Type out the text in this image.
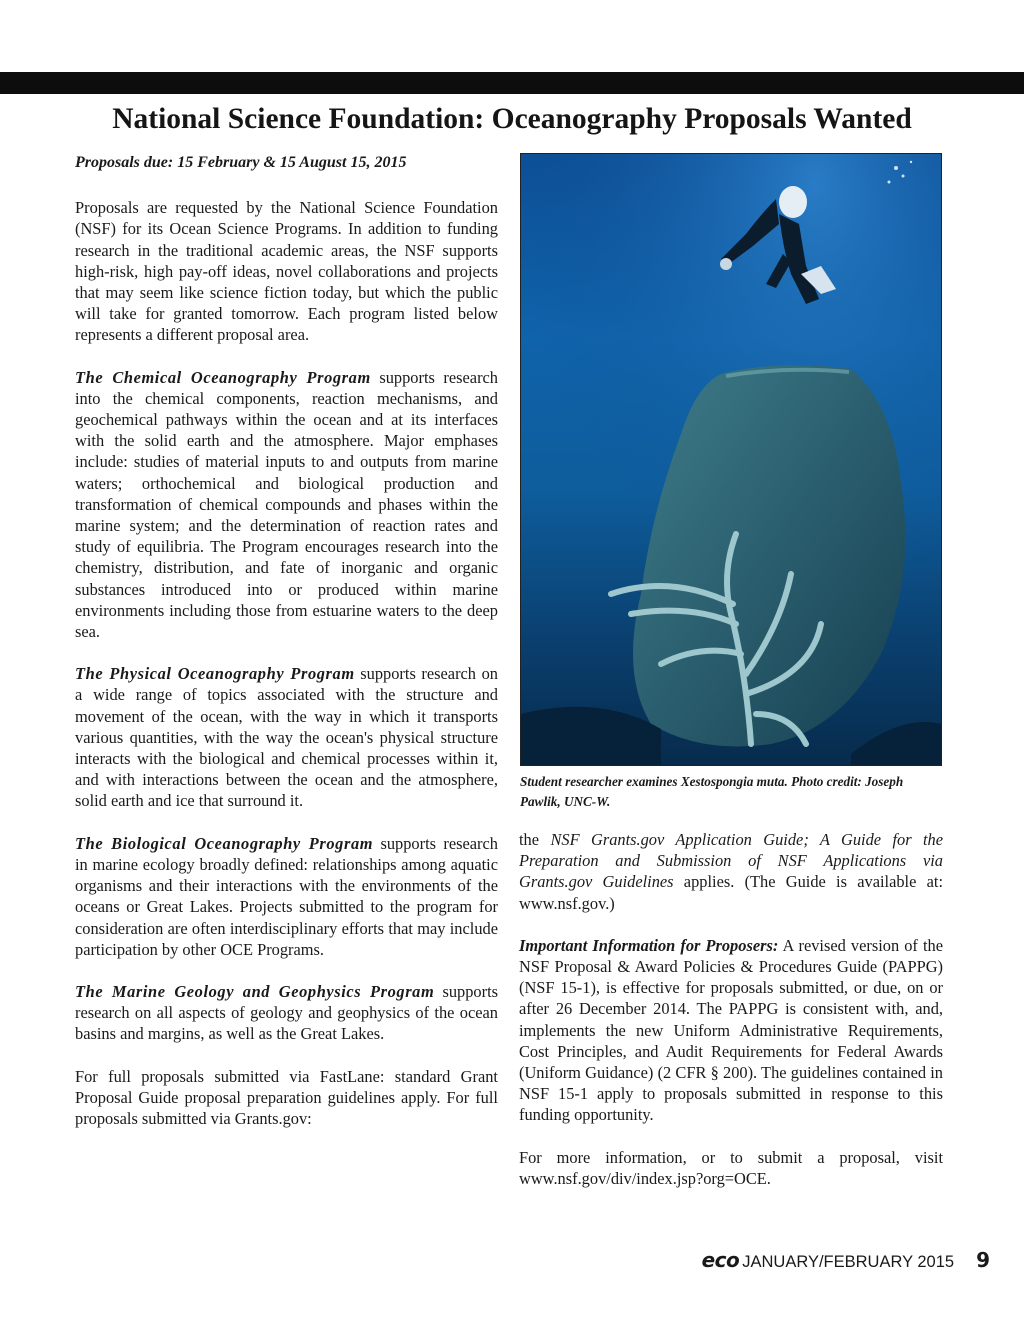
National Science Foundation: Oceanography Proposals Wanted

Proposals due: 15 February & 15 August 15, 2015

Proposals are requested by the National Science Foundation (NSF) for its Ocean Science Programs. In addition to funding research in the traditional academic areas, the NSF supports high-risk, high pay-off ideas, novel collaborations and projects that may seem like science fiction today, but which the public will take for granted tomorrow. Each program listed below represents a different proposal area.

The Chemical Oceanography Program supports research into the chemical components, reaction mechanisms, and geochemical pathways within the ocean and at its interfaces with the solid earth and the atmosphere. Major emphases include: studies of material inputs to and outputs from marine waters; orthochemical and biological production and transformation of chemical compounds and phases within the marine system; and the determination of reaction rates and study of equilibria. The Program encourages research into the chemistry, distribution, and fate of inorganic and organic substances introduced into or produced within marine environments including those from estuarine waters to the deep sea.

The Physical Oceanography Program supports research on a wide range of topics associated with the structure and movement of the ocean, with the way in which it transports various quantities, with the way the ocean's physical structure interacts with the biological and chemical processes within it, and with interactions between the ocean and the atmosphere, solid earth and ice that surround it.

The Biological Oceanography Program supports research in marine ecology broadly defined: relationships among aquatic organisms and their interactions with the environments of the oceans or Great Lakes. Projects submitted to the program for consideration are often interdisciplinary efforts that may include participation by other OCE Programs.

The Marine Geology and Geophysics Program supports research on all aspects of geology and geophysics of the ocean basins and margins, as well as the Great Lakes.

For full proposals submitted via FastLane: standard Grant Proposal Guide proposal preparation guidelines apply. For full proposals submitted via Grants.gov:

Student researcher examines Xestospongia muta. Photo credit: Joseph Pawlik, UNC-W.

the NSF Grants.gov Application Guide; A Guide for the Preparation and Submission of NSF Applications via Grants.gov Guidelines applies. (The Guide is available at: www.nsf.gov.)

Important Information for Proposers: A revised version of the NSF Proposal & Award Policies & Procedures Guide (PAPPG) (NSF 15-1), is effective for proposals submitted, or due, on or after 26 December 2014. The PAPPG is consistent with, and, implements the new Uniform Administrative Requirements, Cost Principles, and Audit Requirements for Federal Awards (Uniform Guidance) (2 CFR § 200). The guidelines contained in NSF 15-1 apply to proposals submitted in response to this funding opportunity.

For more information, or to submit a proposal, visit www.nsf.gov/div/index.jsp?org=OCE.

eco JANUARY/FEBRUARY 2015 9
